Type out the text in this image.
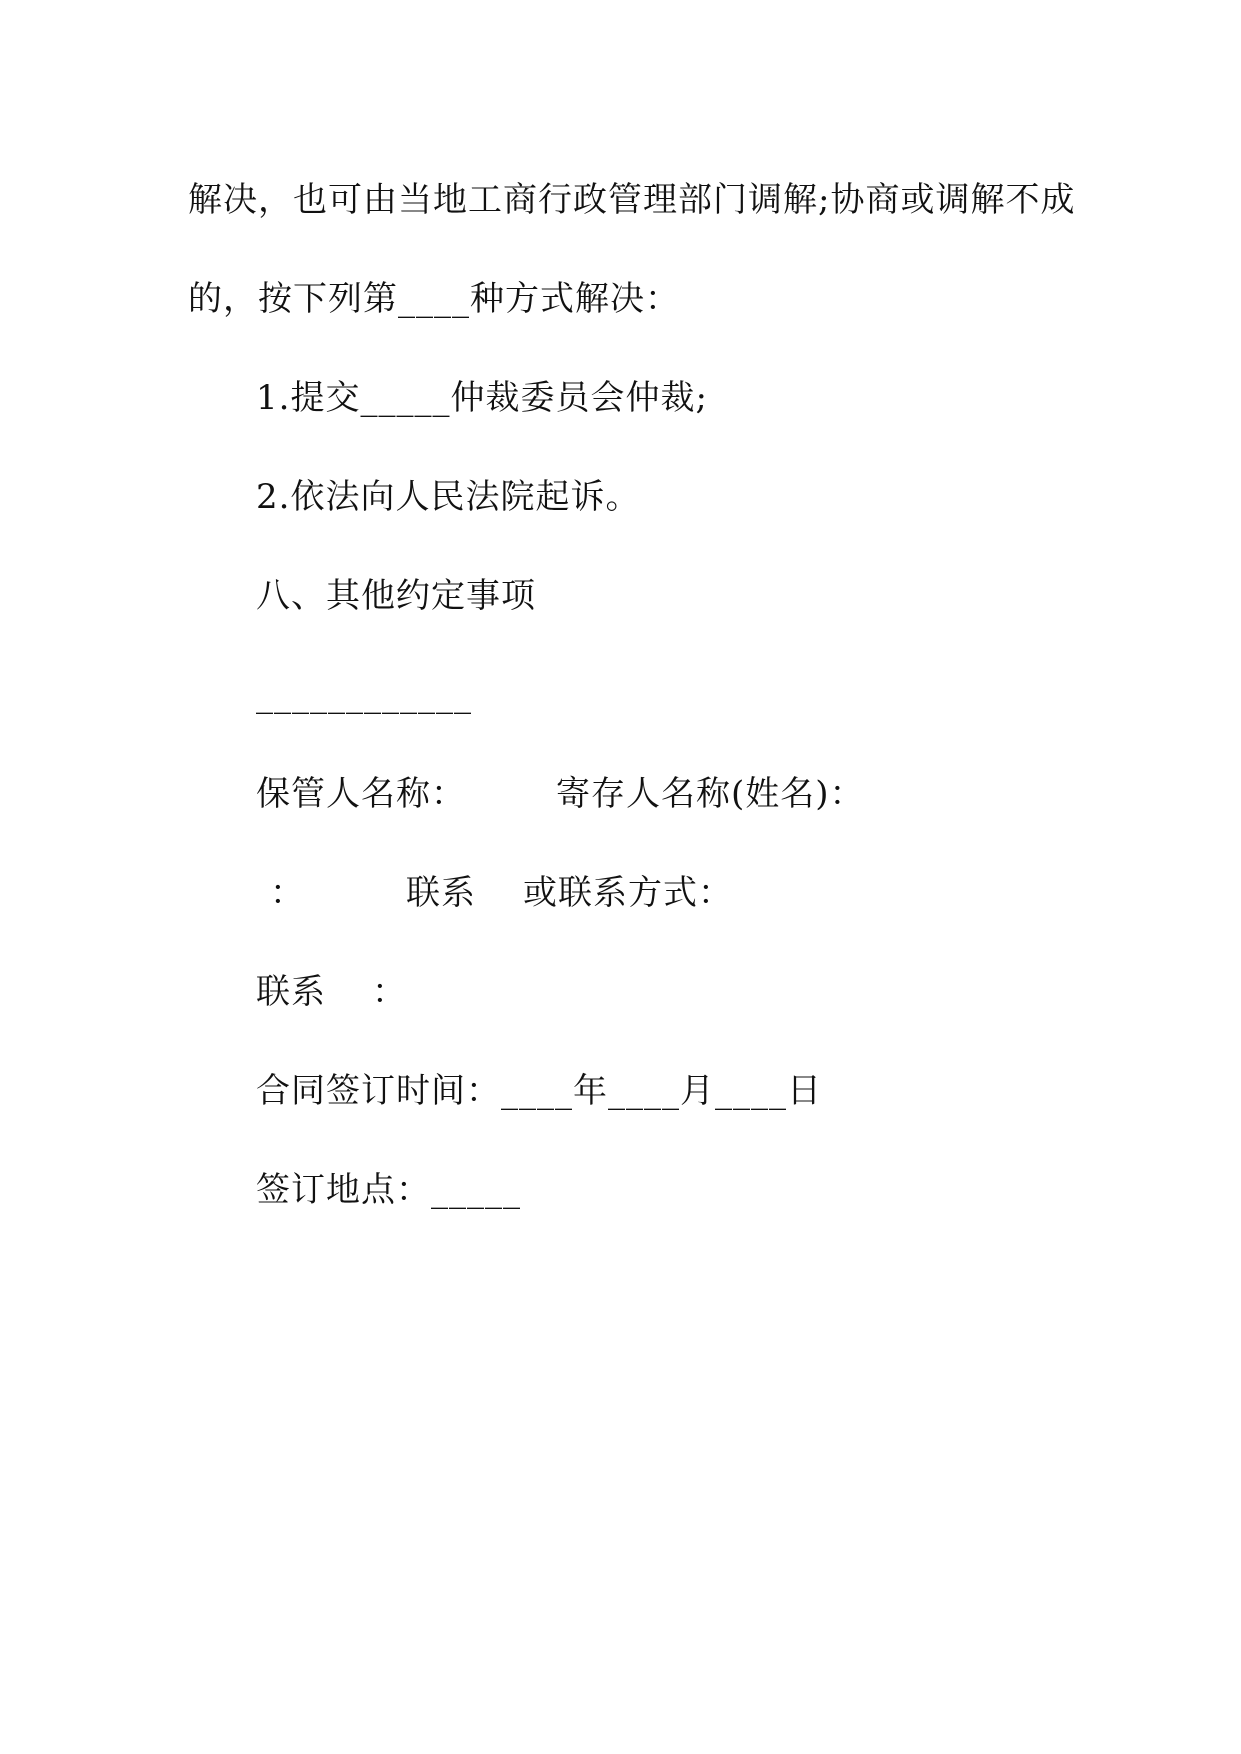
解决，也可由当地工商行政管理部门调解;协商或调解不成
的，按下列第____种方式解决：
1.提交_____仲裁委员会仲裁;
2.依法向人民法院起诉。
八、其他约定事项
____________
保管人名称：	寄存人名称(姓名)：
：	联系 或联系方式：
联系 ：
合同签订时间：____年____月____日
签订地点：_____
